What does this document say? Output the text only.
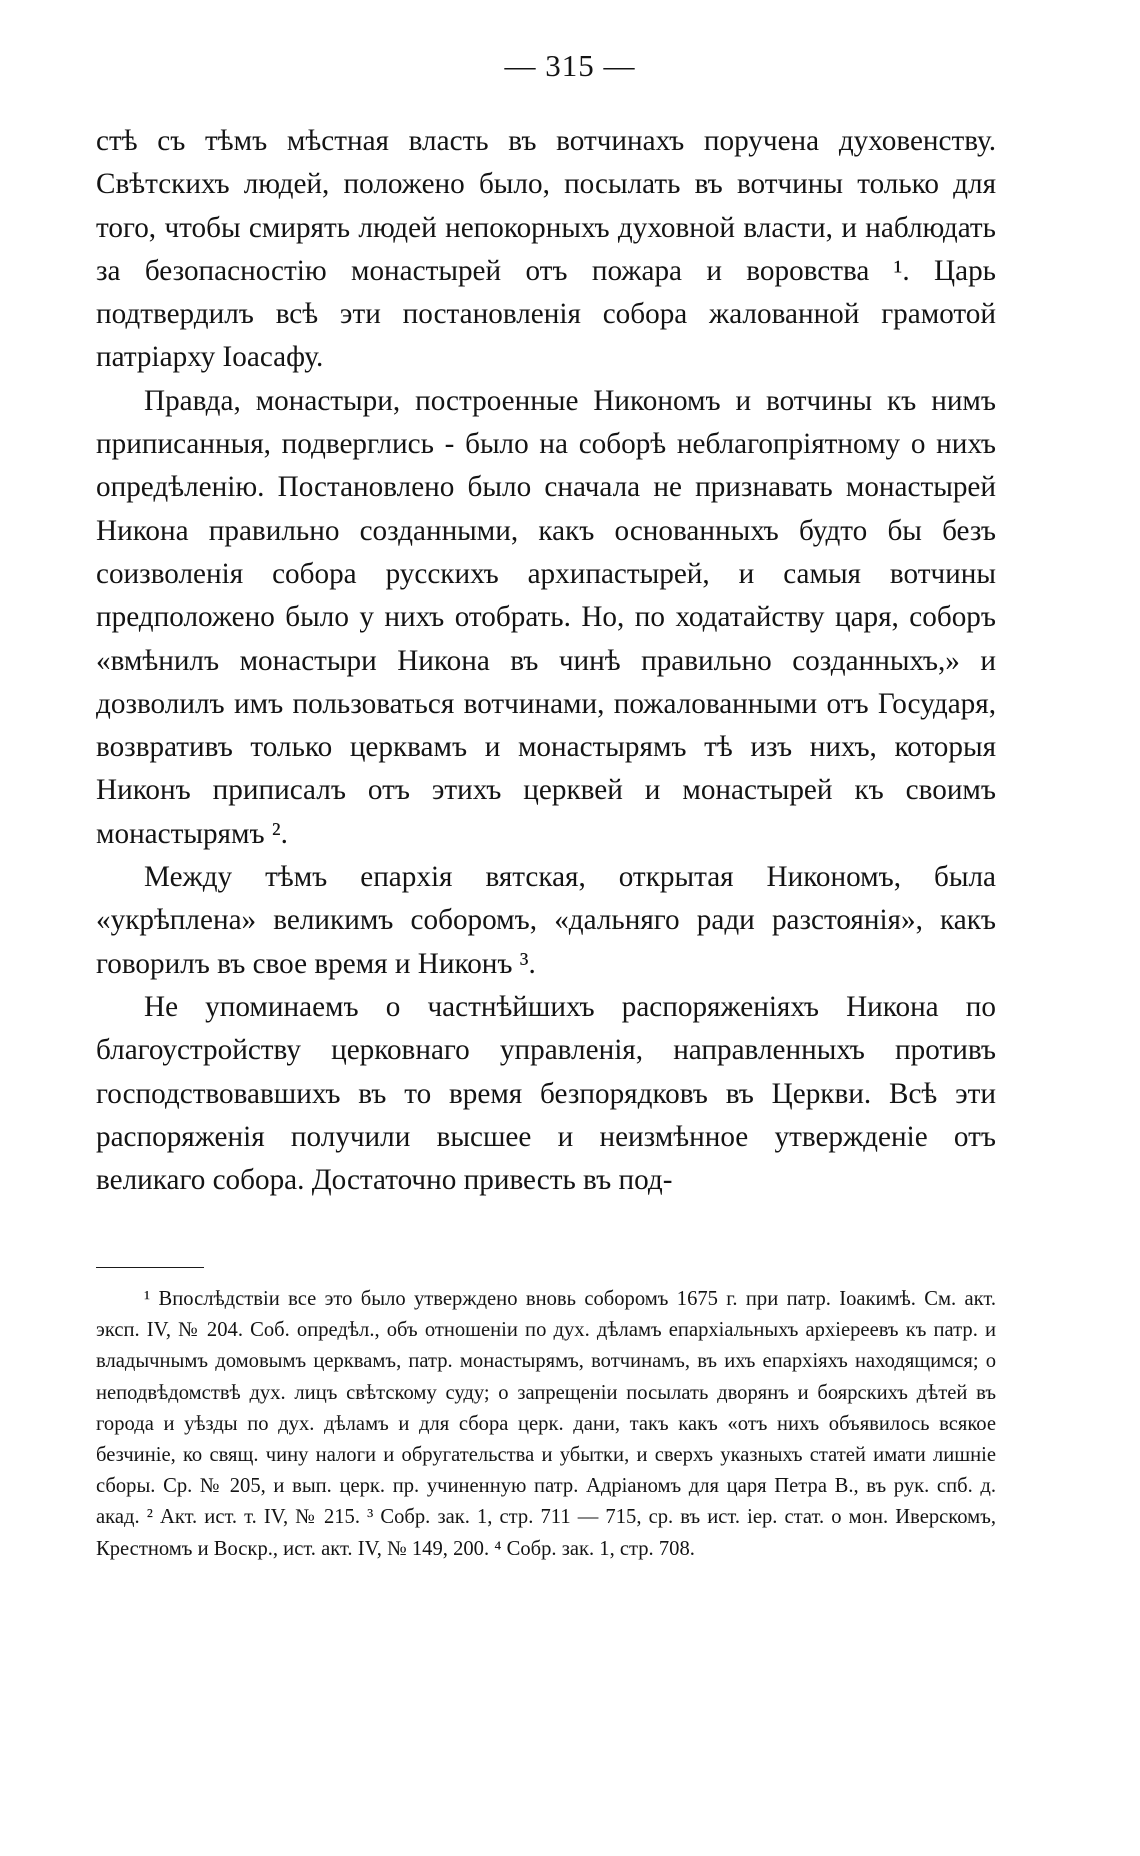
— 315 —

стѣ съ тѣмъ мѣстная власть въ вотчинахъ поручена духовенству. Свѣтскихъ людей, положено было, посылать въ вотчины только для того, чтобы смирять людей непокорныхъ духовной власти, и наблюдать за безопасностію монастырей отъ пожара и воровства ¹. Царь подтвердилъ всѣ эти постановленія собора жалованной грамотой патріарху Іоасафу.

Правда, монастыри, построенные Никономъ и вотчины къ нимъ приписанныя, подверглись - было на соборѣ неблагопріятному о нихъ опредѣленію. Постановлено было сначала не признавать монастырей Никона правильно созданными, какъ основанныхъ будто бы безъ соизволенія собора русскихъ архипастырей, и самыя вотчины предположено было у нихъ отобрать. Но, по ходатайству царя, соборъ «вмѣнилъ монастыри Никона въ чинѣ правильно созданныхъ,» и дозволилъ имъ пользоваться вотчинами, пожалованными отъ Государя, возвративъ только церквамъ и монастырямъ тѣ изъ нихъ, которыя Никонъ приписалъ отъ этихъ церквей и монастырей къ своимъ монастырямъ ².

Между тѣмъ епархія вятская, открытая Никономъ, была «укрѣплена» великимъ соборомъ, «дальняго ради разстоянія», какъ говорилъ въ свое время и Никонъ ³.

Не упоминаемъ о частнѣйшихъ распоряженіяхъ Никона по благоустройству церковнаго управленія, направленныхъ противъ господствовавшихъ въ то время безпорядковъ въ Церкви. Всѣ эти распоряженія получили высшее и неизмѣнное утвержденіе отъ великаго собора. Достаточно привесть въ под-

¹ Впослѣдствіи все это было утверждено вновь соборомъ 1675 г. при патр. Іоакимѣ. См. акт. эксп. IV, № 204. Соб. опредѣл., объ отношеніи по дух. дѣламъ епархіальныхъ архіереевъ къ патр. и владычнымъ домовымъ церквамъ, патр. монастырямъ, вотчинамъ, въ ихъ епархіяхъ находящимся; о неподвѣдомствѣ дух. лицъ свѣтскому суду; о запрещеніи посылать дворянъ и боярскихъ дѣтей въ города и уѣзды по дух. дѣламъ и для сбора церк. дани, такъ какъ «отъ нихъ объявилось всякое безчиніе, ко свящ. чину налоги и обругательства и убытки, и сверхъ указныхъ статей имати лишніе сборы. Ср. № 205, и вып. церк. пр. учиненную патр. Адріаномъ для царя Петра В., въ рук. спб. д. акад. ² Акт. ист. т. IV, № 215. ³ Собр. зак. 1, стр. 711 — 715, ср. въ ист. іер. стат. о мон. Иверскомъ, Крестномъ и Воскр., ист. акт. IV, № 149, 200. ⁴ Собр. зак. 1, стр. 708.
